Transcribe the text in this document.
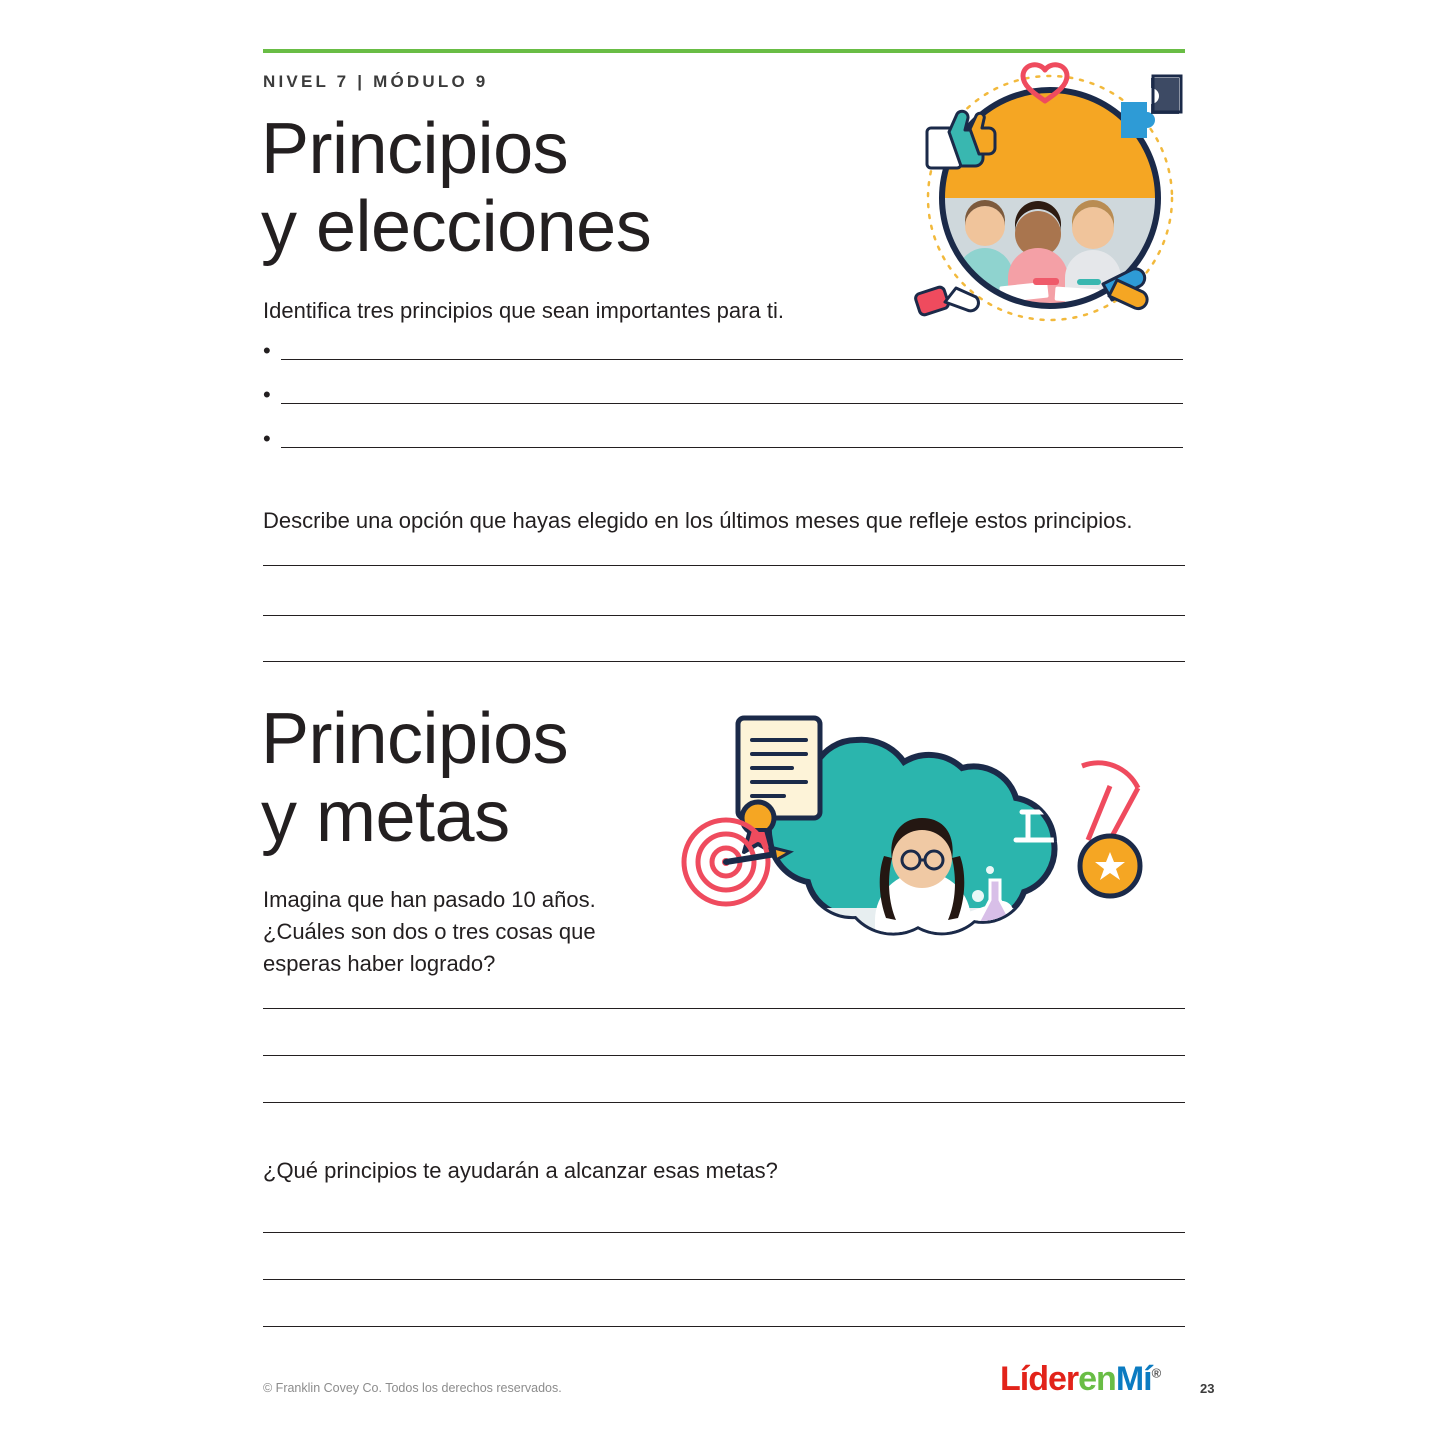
NIVEL 7 | MÓDULO 9
Principios
y elecciones
Identifica tres principios que sean importantes para ti.
•
•
•
Describe una opción que hayas elegido en los últimos meses que refleje estos principios.
Principios
y metas
Imagina que han pasado 10 años. ¿Cuáles son dos o tres cosas que esperas haber logrado?
¿Qué principios te ayudarán a alcanzar esas metas?
© Franklin Covey Co. Todos los derechos reservados.	LíderenMí®
23
